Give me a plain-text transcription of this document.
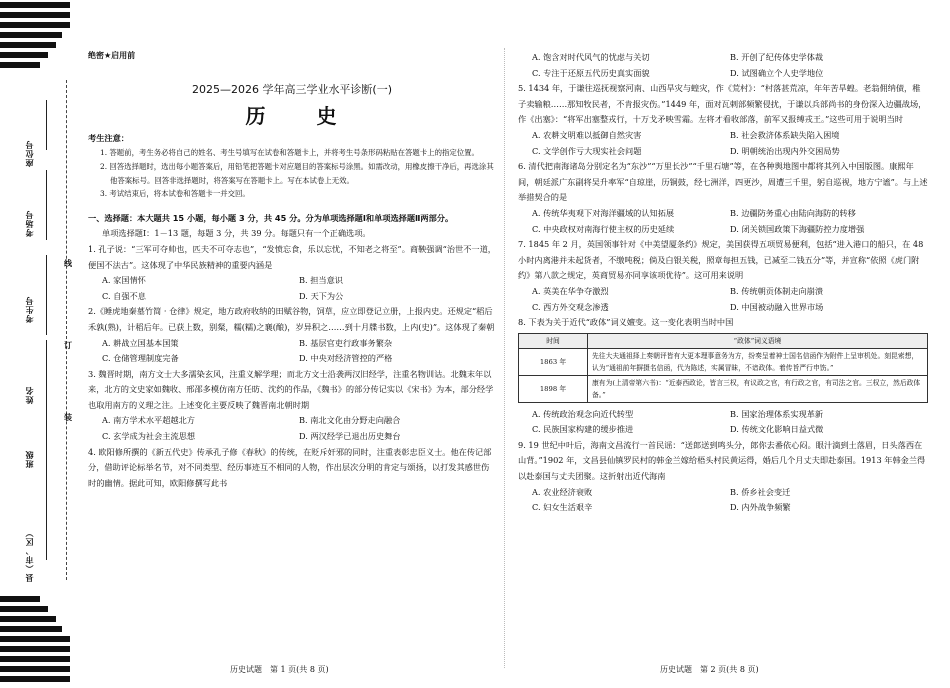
座位号
考场号
考生号
姓名
班级
县（市、区）
线
订
装
绝密★启用前
2025—2026 学年高三学业水平诊断(一)
历 史
考生注意：
1. 答题前，考生务必将自己的姓名、考生号填写在试卷和答题卡上，并将考生号条形码粘贴在答题卡上的指定位置。
2. 回答选择题时，选出每小题答案后，用铅笔把答题卡对应题目的答案标号涂黑。如需改动，用橡皮擦干净后，再选涂其他答案标号。回答非选择题时，将答案写在答题卡上。写在本试卷上无效。
3. 考试结束后，将本试卷和答题卡一并交回。
一、选择题：本大题共 15 小题，每小题 3 分，共 45 分。分为单项选择题Ⅰ和单项选择题Ⅱ两部分。
单项选择题Ⅰ：1－13 题，每题 3 分，共 39 分。每题只有一个正确选项。
1. 孔子说：“三军可夺帅也，匹夫不可夺志也”，“发愤忘食，乐以忘忧，不知老之将至”。商鞅强调“治世不一道，便国不法古”。这体现了中华民族精神的重要内涵是
A. 家国情怀	B. 担当意识
C. 自强不息	D. 天下为公
2.《睡虎地秦墓竹简 · 仓律》规定，地方政府收纳的田赋谷物，饲草，应立即登记立册，上报内史。还规定“稻后禾孰(熟)，计稻后年。已获上数，别粲，糯(糯)之襄(酿)，岁异积之……到十月牒书数，上内(史)”。这体现了秦朝
A. 耕战立国基本国策	B. 基层官吏行政事务繁杂
C. 仓储管理制度完备	D. 中央对经济管控的严格
3. 魏晋时期，南方文士大多濡染玄风，注重义解学理；而北方文士沿袭两汉旧经学，注重名物训诂。北魏末年以来，北方的文史家如魏收、邢邵多模仿南方任昉、沈约的作品，《魏书》的部分传记实以《宋书》为本，部分经学也取用南方的义理之注。上述变化主要反映了魏晋南北朝时期
A. 南方学术水平超越北方	B. 南北文化由分野走向融合
C. 玄学成为社会主流思想	D. 两汉经学已退出历史舞台
4. 欧阳修所撰的《新五代史》传承孔子修《春秋》的传统，在贬斥奸邪的同时，注重表彰忠臣义士。他在传记部分，借助评论标举名节，对不同类型、经历事迹互不相同的人物，作出层次分明的肯定与颂扬，以打发其感世伤时的幽情。据此可知，欧阳修撰写此书
历史试题　第 1 页(共 8 页)
A. 饱含对时代风气的忧虑与关切	B. 开创了纪传体史学体裁
C. 专注于还原五代历史真实面貌	D. 试图确立个人史学地位
5. 1434 年，于谦往巡抚视察河南、山西旱灾与蝗灾，作《荒村》：“村落甚荒凉，年年苦旱蝗。老翁佣纳债，稚子卖输粮……那知牧民者，不肯报灾伤。”1449 年，面对瓦剌部频繁侵扰，于谦以兵部尚书的身份深入边疆战场，作《出塞》：“将军出塞整戎行，十万戈矛映雪霜。左将才看收部落，前军又报缚戎王。”这些可用于说明当时
A. 农耕文明难以抵御自然灾害	B. 社会救济体系缺失陷入困境
C. 文学创作亏大现实社会问题	D. 明朝统治出现内外交困局势
6. 清代把南海诸岛分别定名为“东沙”“万里长沙”“千里石塘”等，在各种舆地图中都将其列入中国版图。康熙年间，朝廷派广东副将吴升率军“自琼崖，历铜鼓，经七洲洋，四更沙，周遭三千里，躬自巡视，地方宁谧”。与上述举措契合的是
A. 传统华夷观下对海洋疆域的认知拓展	B. 边疆防务重心由陆向海防的转移
C. 中央政权对南海行使主权的历史延续	D. 闭关锁国政策下海疆防控力度增强
7. 1845 年 2 月，英国领事针对《中美望厦条约》规定，美国获得五项贸易便利，包括“进入港口的船只，在 48 小时内离港并未起货者，不缴吨税；倘及白银关税，照章每担五钱，已减至二钱五分”等，并宣称“依照《虎门附约》第八款之规定，英商贸易亦同享该项优待”。这可用来说明
A. 英美在华争夺激烈	B. 传统朝贡体制走向崩溃
C. 西方外交观念渗透	D. 中国被动融入世界市场
8. 下表为关于近代“政体”词义嬗变。这一变化表明当时中国
时间	“政体”词义语境
1863 年	先往大夫通祖择上奏朝评皆有大更本理事意务为方，纷奏呈着神士国名信函作为附件上呈审机处。刻昆索想，认为“通祖前年摒摄名信函，代为陈述，实属冒昧，不谙政体。着传旨严行申饬。”
1898 年	康有为(上清帝第六书)：“近泰西政论，皆言三权，有议政之官，有行政之官，有司法之官。三权立，然后政体备。”
A. 传统政治观念向近代转型	B. 国家治理体系实现革新
C. 民族国家构建的缓步推进	D. 传统文化影响日益式微
9. 19 世纪中叶后，海南文昌流行一首民谣：“送郎送到鸣头分，郎你去番依心闷。眼汁滴到土落眉，日头落西在山背。”1902 年，文昌县仙镇罗民村的韩金兰嫁给梧头村民黄运得，婚后几个月丈夫即赴泰国。1913 年韩金兰得以赴泰国与丈夫团聚。这折射出近代海南
A. 农业经济衰败	B. 侨乡社会变迁
C. 妇女生活艰辛	D. 内外战争频繁
历史试题　第 2 页(共 8 页)
